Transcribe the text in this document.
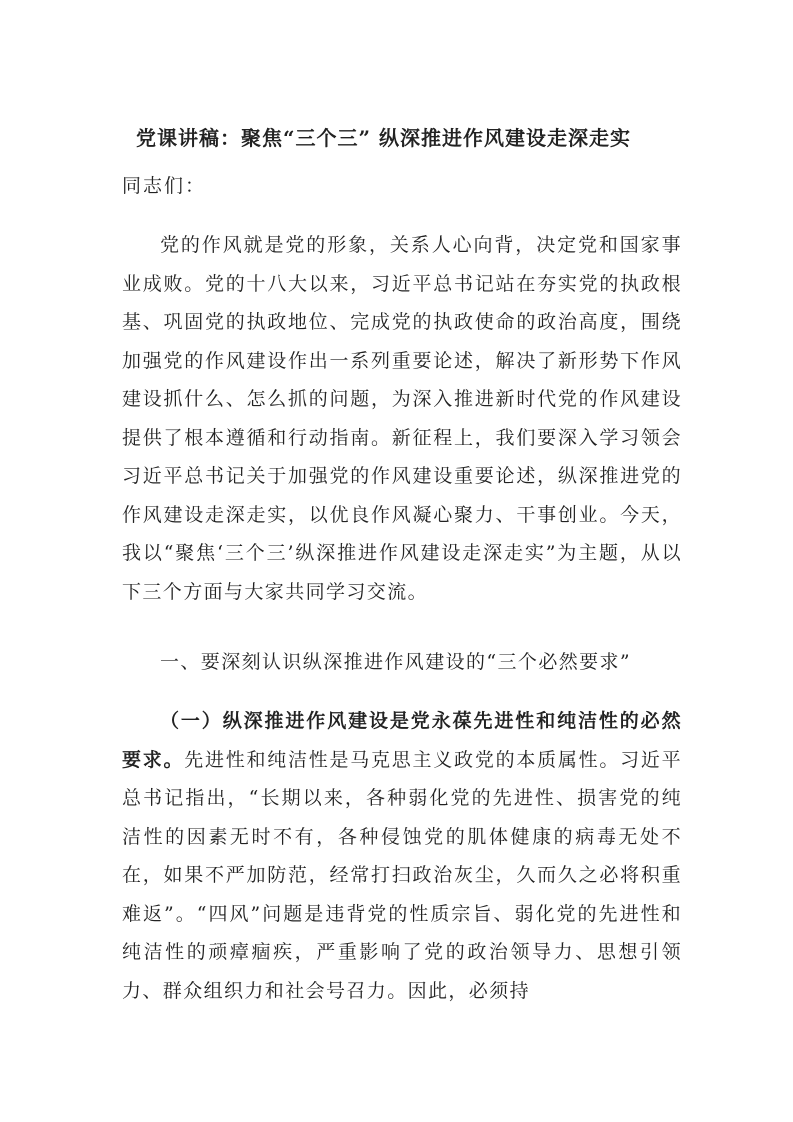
党课讲稿：聚焦“三个三” 纵深推进作风建设走深走实
同志们：
党的作风就是党的形象，关系人心向背，决定党和国家事业成败。党的十八大以来，习近平总书记站在夯实党的执政根基、巩固党的执政地位、完成党的执政使命的政治高度，围绕加强党的作风建设作出一系列重要论述，解决了新形势下作风建设抓什么、怎么抓的问题，为深入推进新时代党的作风建设提供了根本遵循和行动指南。新征程上，我们要深入学习领会习近平总书记关于加强党的作风建设重要论述，纵深推进党的作风建设走深走实，以优良作风凝心聚力、干事创业。今天，我以“聚焦‘三个三’纵深推进作风建设走深走实”为主题，从以下三个方面与大家共同学习交流。
一、要深刻认识纵深推进作风建设的“三个必然要求”
（一）纵深推进作风建设是党永葆先进性和纯洁性的必然要求。先进性和纯洁性是马克思主义政党的本质属性。习近平总书记指出，“长期以来，各种弱化党的先进性、损害党的纯洁性的因素无时不有，各种侵蚀党的肌体健康的病毒无处不在，如果不严加防范，经常打扫政治灰尘，久而久之必将积重难返”。“四风”问题是违背党的性质宗旨、弱化党的先进性和纯洁性的顽瘴痼疾，严重影响了党的政治领导力、思想引领力、群众组织力和社会号召力。因此，必须持
